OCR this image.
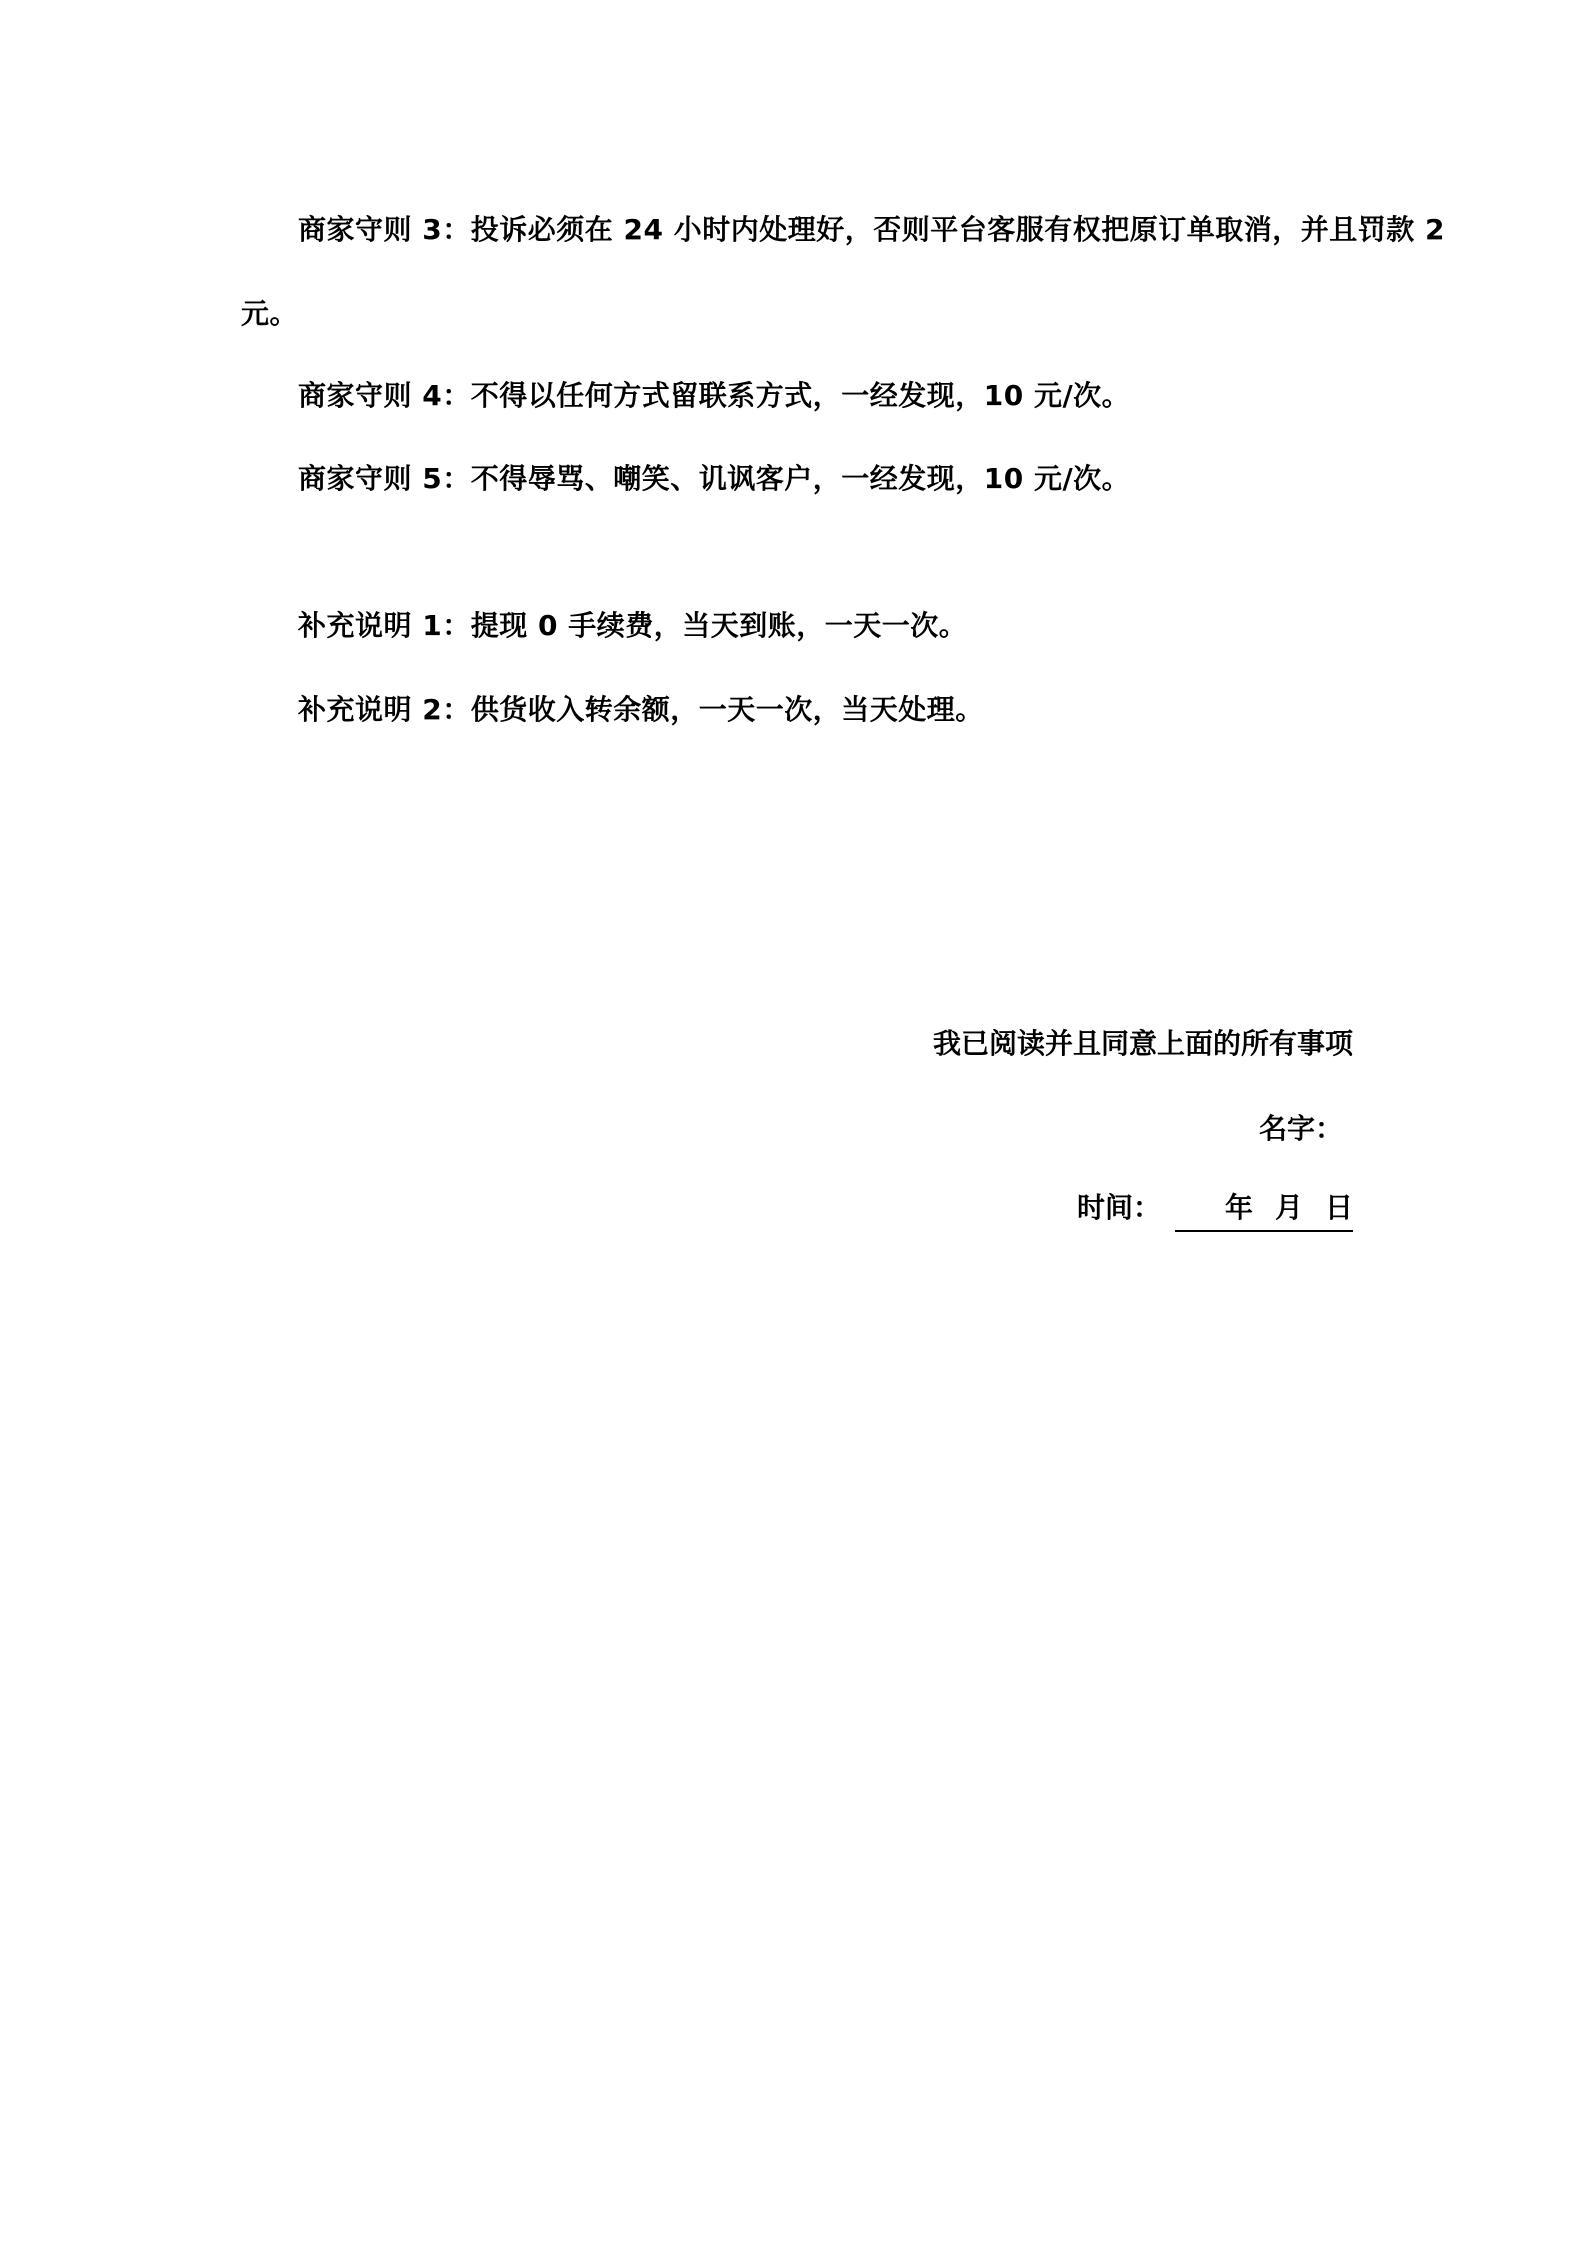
商家守则 3：投诉必须在 24 小时内处理好，否则平台客服有权把原订单取消，并且罚款 2
元。
商家守则 4：不得以任何方式留联系方式，一经发现，10 元/次。
商家守则 5：不得辱骂、嘲笑、讥讽客户，一经发现，10 元/次。
补充说明 1：提现 0 手续费，当天到账，一天一次。
补充说明 2：供货收入转余额，一天一次，当天处理。
我已阅读并且同意上面的所有事项
名字：
时间： 年 月 日
